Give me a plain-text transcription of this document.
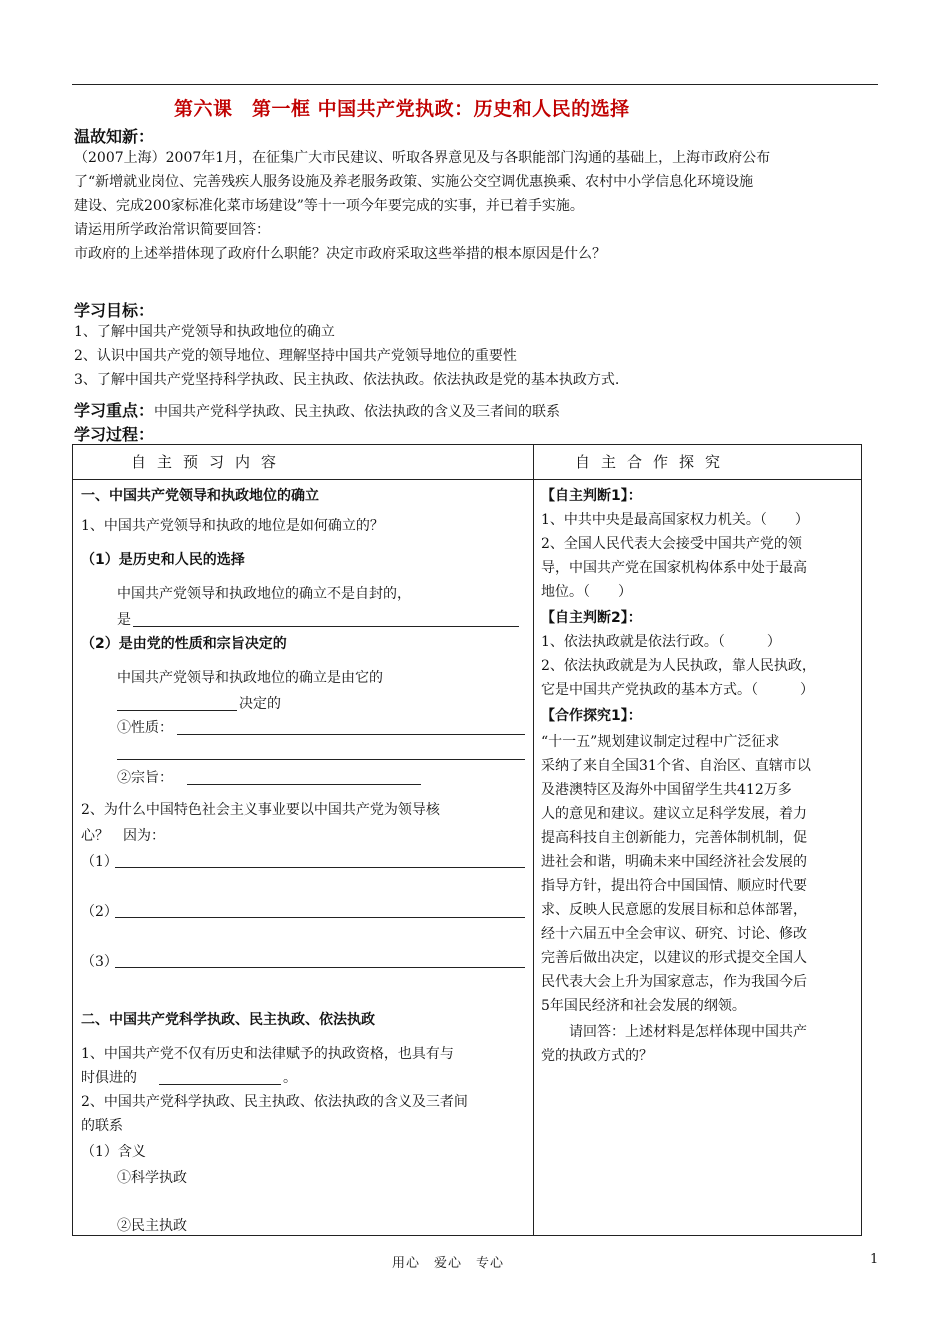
第六课　第一框 中国共产党执政：历史和人民的选择
温故知新：
（2007上海）2007年1月，在征集广大市民建议、听取各界意见及与各职能部门沟通的基础上，上海市政府公布
了“新增就业岗位、完善残疾人服务设施及养老服务政策、实施公交空调优惠换乘、农村中小学信息化环境设施
建设、完成200家标准化菜市场建设”等十一项今年要完成的实事，并已着手实施。
请运用所学政治常识简要回答：
市政府的上述举措体现了政府什么职能？决定市政府采取这些举措的根本原因是什么？
学习目标：
1、了解中国共产党领导和执政地位的确立
2、认识中国共产党的领导地位、理解坚持中国共产党领导地位的重要性
3、了解中国共产党坚持科学执政、民主执政、依法执政。依法执政是党的基本执政方式.
学习重点：中国共产党科学执政、民主执政、依法执政的含义及三者间的联系
学习过程：
自主预习内容	自主合作探究
一、中国共产党领导和执政地位的确立
1、中国共产党领导和执政的地位是如何确立的？
（1）是历史和人民的选择
中国共产党领导和执政地位的确立不是自封的，
是
（2）是由党的性质和宗旨决定的
中国共产党领导和执政地位的确立是由它的
决定的
①性质：
②宗旨：
2、为什么中国特色社会主义事业要以中国共产党为领导核
心？　因为：
（1）
（2）
（3）
二、中国共产党科学执政、民主执政、依法执政
1、中国共产党不仅有历史和法律赋予的执政资格，也具有与
时俱进的	。
2、中国共产党科学执政、民主执政、依法执政的含义及三者间
的联系
（1）含义
①科学执政
②民主执政
【自主判断1】：
1、中共中央是最高国家权力机关。（　　）
2、全国人民代表大会接受中国共产党的领
导，中国共产党在国家机构体系中处于最高
地位。（　　）
【自主判断2】：
1、依法执政就是依法行政。（　　　）
2、依法执政就是为人民执政，靠人民执政，
它是中国共产党执政的基本方式。（　　　）
【合作探究1】：
“十一五”规划建议制定过程中广泛征求
采纳了来自全国31个省、自治区、直辖市以
及港澳特区及海外中国留学生共412万多
人的意见和建议。建议立足科学发展，着力
提高科技自主创新能力，完善体制机制，促
进社会和谐，明确未来中国经济社会发展的
指导方针，提出符合中国国情、顺应时代要
求、反映人民意愿的发展目标和总体部署，
经十六届五中全会审议、研究、讨论、修改
完善后做出决定，以建议的形式提交全国人
民代表大会上升为国家意志，作为我国今后
5年国民经济和社会发展的纲领。
请回答：上述材料是怎样体现中国共产
党的执政方式的？
用心　爱心　专心	1
